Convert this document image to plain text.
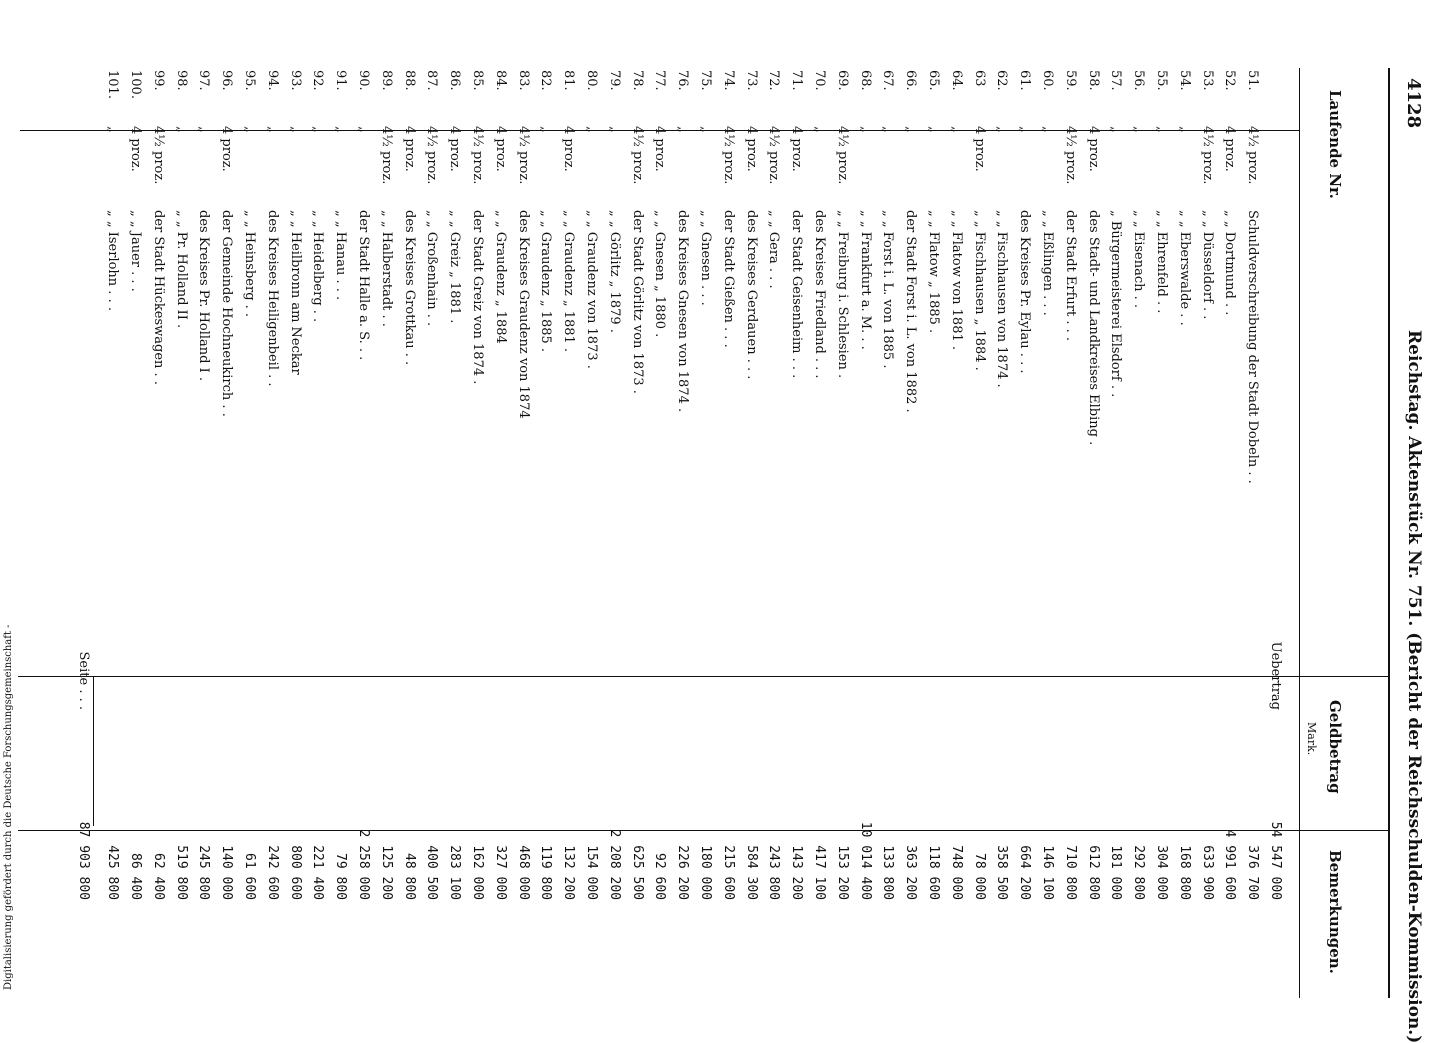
4128
Reichstag. Aktenstück Nr. 751. (Bericht der Reichsschulden-Kommission.)
Laufende Nr.
Geldbetrag
Mark.
Bemerkungen.
Uebertrag
54 547 000
51.
4½ proz.
Schuldverschreibung der Stadt Dobeln . .
376 700
52.
4 proz.
„ „ Dortmund . .
4 991 600
53.
4½ proz.
„ „ Düsseldorf . .
633 900
54.
„
„ „ Eberswalde . .
168 800
55.
„
„ „ Ehrenfeld . .
304 000
56.
„
„ „ Eisenach . .
292 800
57.
„
„ Bürgermeisterei Elsdorf . .
181 000
58.
4 proz.
des Stadt- und Landkreises Elbing .
612 800
59.
4½ proz.
der Stadt Erfurt . . .
710 800
60.
„
„ „ Eßlingen . . .
146 100
61.
„
des Kreises Pr. Eylau . . .
664 200
62.
„
„ „ Fischhausen von 1874 .
358 500
63
4 proz.
„ „ Fischhausen „ 1884 .
78 000
64.
„
„ „ Flatow von 1881 .
748 000
65.
„
„ „ Flatow „ 1885 .
118 600
66.
„
der Stadt Forst i. L. von 1882 .
363 200
67.
„
„ „ Forst i. L. von 1885 .
133 800
68.
„
„ „ Frankfurt a. M. . .
10 014 400
69.
4½ proz.
„ „ Freiburg i. Schlesien .
153 200
70.
„
des Kreises Friedland . . .
417 100
71.
4 proz.
der Stadt Geisenheim . . .
143 200
72.
4½ proz.
„ „ Gera . . .
243 800
73.
4 proz.
des Kreises Gerdauen . . .
584 300
74.
4½ proz.
der Stadt Gießen . . .
215 600
75.
„
„ „ Gnesen . . .
180 000
76.
„
des Kreises Gnesen von 1874 .
226 200
77.
4 proz.
„ „ Gnesen „ 1880 .
92 600
78.
4½ proz.
der Stadt Görlitz von 1873 .
625 500
79.
„
„ „ Görlitz „ 1879 .
2 208 200
80.
„
„ „ Graudenz von 1873 .
154 000
81.
4 proz.
„ „ Graudenz „ 1881 .
132 200
82.
„
„ „ Graudenz „ 1885 .
119 800
83.
4½ proz.
des Kreises Graudenz von 1874
468 000
84.
4 proz.
„ „ Graudenz „ 1884
327 000
85.
4½ proz.
der Stadt Greiz von 1874 .
162 000
86.
4 proz.
„ „ Greiz „ 1881 .
283 100
87.
4½ proz.
„ „ Großenhain . .
400 500
88.
4 proz.
des Kreises Grottkau . .
48 800
89.
4½ proz.
„ „ Halberstadt . .
125 200
90.
„
der Stadt Halle a. S. . .
2 258 000
91.
„
„ „ Hanau . . .
79 800
92.
„
„ „ Heidelberg . .
221 400
93.
„
„ „ Heilbronn am Neckar
800 600
94.
„
des Kreises Heiligenbeil . .
242 600
95.
„
„ „ Heinsberg . .
61 600
96.
4 proz.
der Gemeinde Hochneukirch . .
140 000
97.
„
des Kreises Pr. Holland I .
245 800
98.
„
„ „ Pr. Holland II .
519 800
99.
4½ proz.
der Stadt Hückeswagen . .
62 400
100.
4 proz.
„ „ Jauer . . .
86 400
101.
„
„ „ Iserlohn . . .
425 800
Seite . . .
87 903 800
Digitalisierung gefördert durch die Deutsche Forschungsgemeinschaft -
